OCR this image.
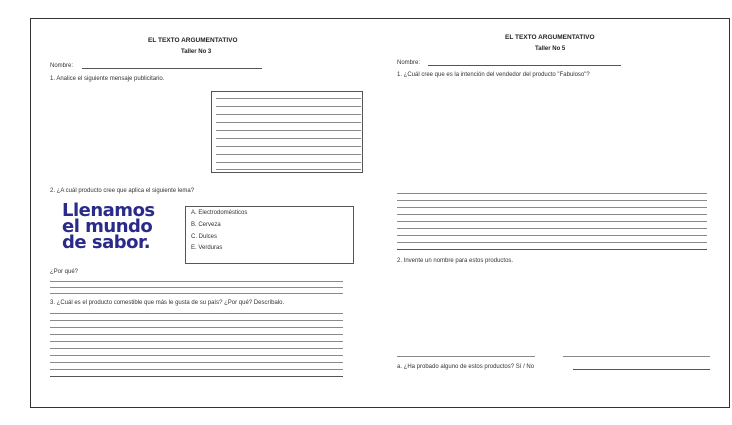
EL TEXTO ARGUMENTATIVO
Taller No 3
Nombre:
1. Analice el siguiente mensaje publicitario.
2. ¿A cuál producto cree que aplica el siguiente lema?
Llenamos
el mundo
de sabor.
A. Electrodomésticos
B. Cerveza
C. Dulces
E. Verduras
¿Por qué?
3. ¿Cuál es el producto comestible que más le gusta de su país? ¿Por qué? Descríbalo.
EL TEXTO ARGUMENTATIVO
Taller No 5
Nombre:
1. ¿Cuál cree que es la intención del vendedor del producto "Fabuloso"?
2. Invente un nombre para estos productos.
a. ¿Ha probado alguno de estos productos? Sí / No
